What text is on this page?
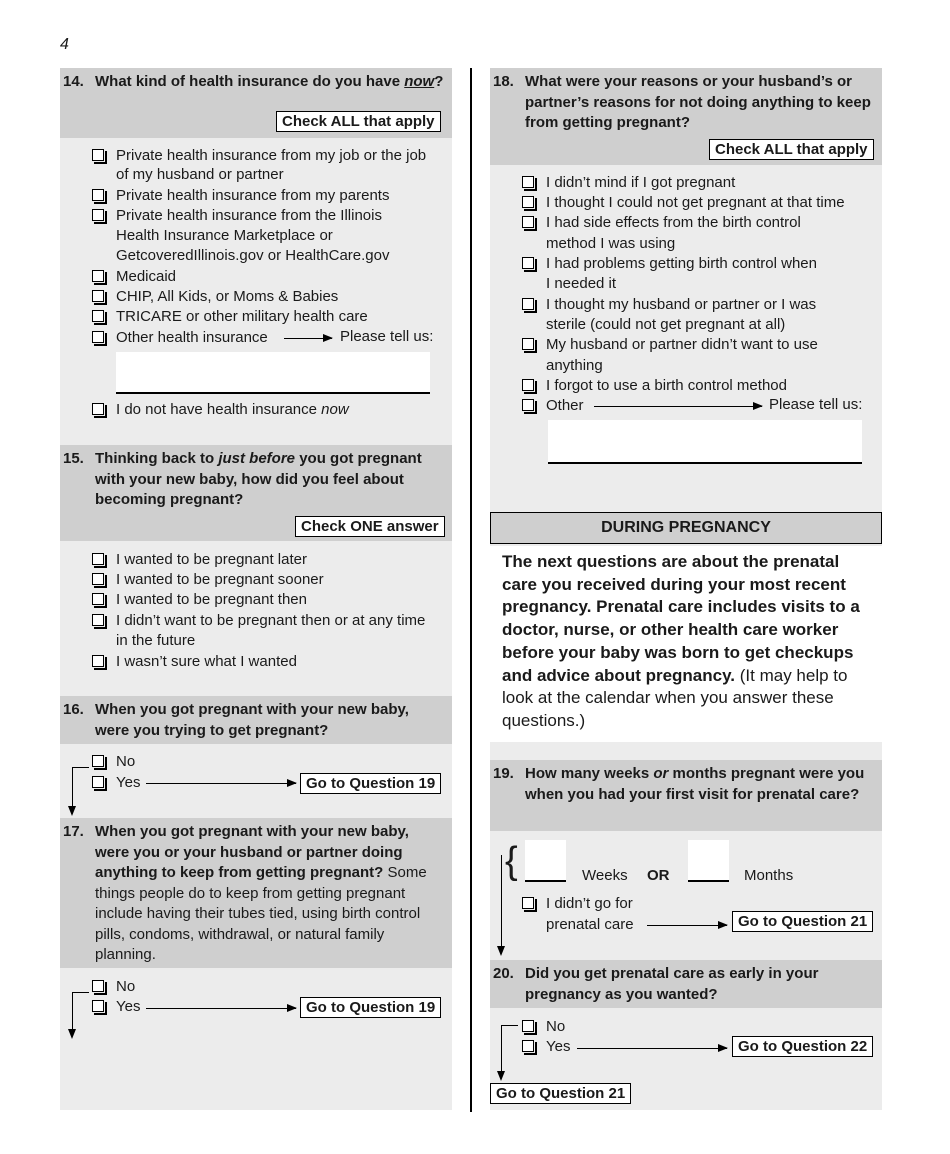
4
14. What kind of health insurance do you have now?
Check ALL that apply
Private health insurance from my job or the job
of my husband or partner
Private health insurance from my parents
Private health insurance from the Illinois
Health Insurance Marketplace or
GetcoveredIllinois.gov or HealthCare.gov
Medicaid
CHIP, All Kids, or Moms & Babies
TRICARE or other military health care
Other health insurance	Please tell us:
I do not have health insurance now
15. Thinking back to just before you got pregnant with your new baby, how did you feel about becoming pregnant?
Check ONE answer
I wanted to be pregnant later
I wanted to be pregnant sooner
I wanted to be pregnant then
I didn’t want to be pregnant then or at any time
in the future
I wasn’t sure what I wanted
16. When you got pregnant with your new baby, were you trying to get pregnant?
No
Yes	Go to Question 19
17. When you got pregnant with your new baby, were you or your husband or partner doing anything to keep from getting pregnant? Some things people do to keep from getting pregnant include having their tubes tied, using birth control pills, condoms, withdrawal, or natural family planning.
No
Yes	Go to Question 19
18. What were your reasons or your husband’s or partner’s reasons for not doing anything to keep from getting pregnant?
Check ALL that apply
I didn’t mind if I got pregnant
I thought I could not get pregnant at that time
I had side effects from the birth control
method I was using
I had problems getting birth control when
I needed it
I thought my husband or partner or I was
sterile (could not get pregnant at all)
My husband or partner didn’t want to use
anything
I forgot to use a birth control method
Other	Please tell us:
DURING PREGNANCY

The next questions are about the prenatal care you received during your most recent pregnancy. Prenatal care includes visits to a doctor, nurse, or other health care worker before your baby was born to get checkups and advice about pregnancy. (It may help to look at the calendar when you answer these questions.)

19. How many weeks or months pregnant were you when you had your first visit for prenatal care?
{	Weeks OR	Months
I didn’t go for
prenatal care	Go to Question 21
20. Did you get prenatal care as early in your pregnancy as you wanted?
No
Yes	Go to Question 22
Go to Question 21
